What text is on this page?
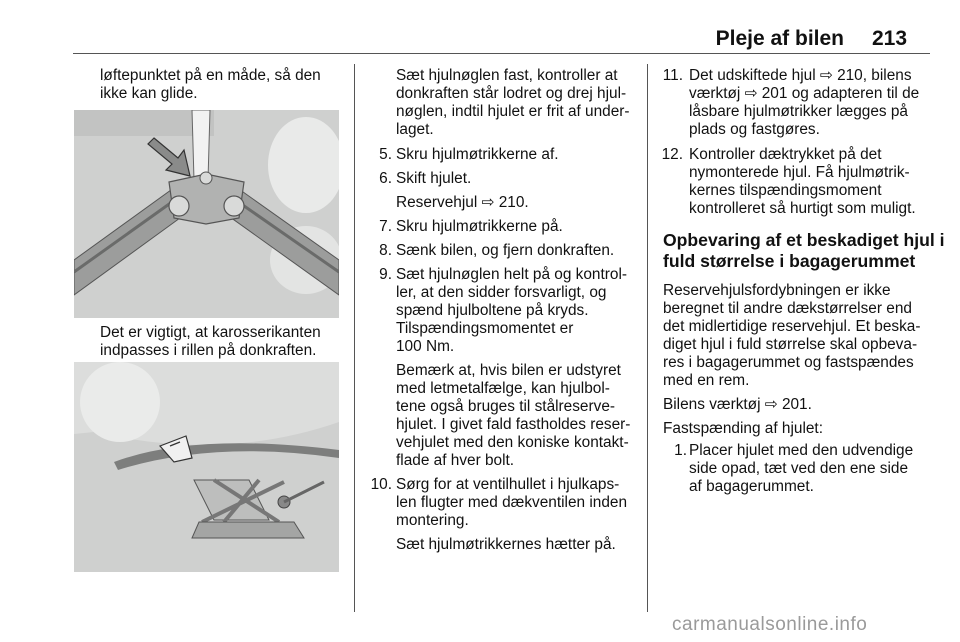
Pleje af bilen 213
løftepunktet på en måde, så den
ikke kan glide.
Det er vigtigt, at karosserikanten
indpasses i rillen på donkraften.
Sæt hjulnøglen fast, kontroller at
donkraften står lodret og drej hjul-
nøglen, indtil hjulet er frit af under-
laget.
5. Skru hjulmøtrikkerne af.
6. Skift hjulet.
Reservehjul ⇨ 210.
7. Skru hjulmøtrikkerne på.
8. Sænk bilen, og fjern donkraften.
9. Sæt hjulnøglen helt på og kontrol-
ler, at den sidder forsvarligt, og
spænd hjulboltene på kryds.
Tilspændingsmomentet er
100 Nm.
Bemærk at, hvis bilen er udstyret
med letmetalfælge, kan hjulbol-
tene også bruges til stålreserve-
hjulet. I givet fald fastholdes reser-
vehjulet med den koniske kontakt-
flade af hver bolt.
10. Sørg for at ventilhullet i hjulkaps-
len flugter med dækventilen inden
montering.
Sæt hjulmøtrikkernes hætter på.
11. Det udskiftede hjul ⇨ 210, bilens
værktøj ⇨ 201 og adapteren til de
låsbare hjulmøtrikker lægges på
plads og fastgøres.
12. Kontroller dæktrykket på det
nymonterede hjul. Få hjulmøtrik-
kernes tilspændingsmoment
kontrolleret så hurtigt som muligt.
Opbevaring af et beskadiget hjul i
fuld størrelse i bagagerummet
Reservehjulsfordybningen er ikke
beregnet til andre dækstørrelser end
det midlertidige reservehjul. Et beska-
diget hjul i fuld størrelse skal opbeva-
res i bagagerummet og fastspændes
med en rem.
Bilens værktøj ⇨ 201.
Fastspænding af hjulet:
1. Placer hjulet med den udvendige
side opad, tæt ved den ene side
af bagagerummet.
carmanualsonline.info
